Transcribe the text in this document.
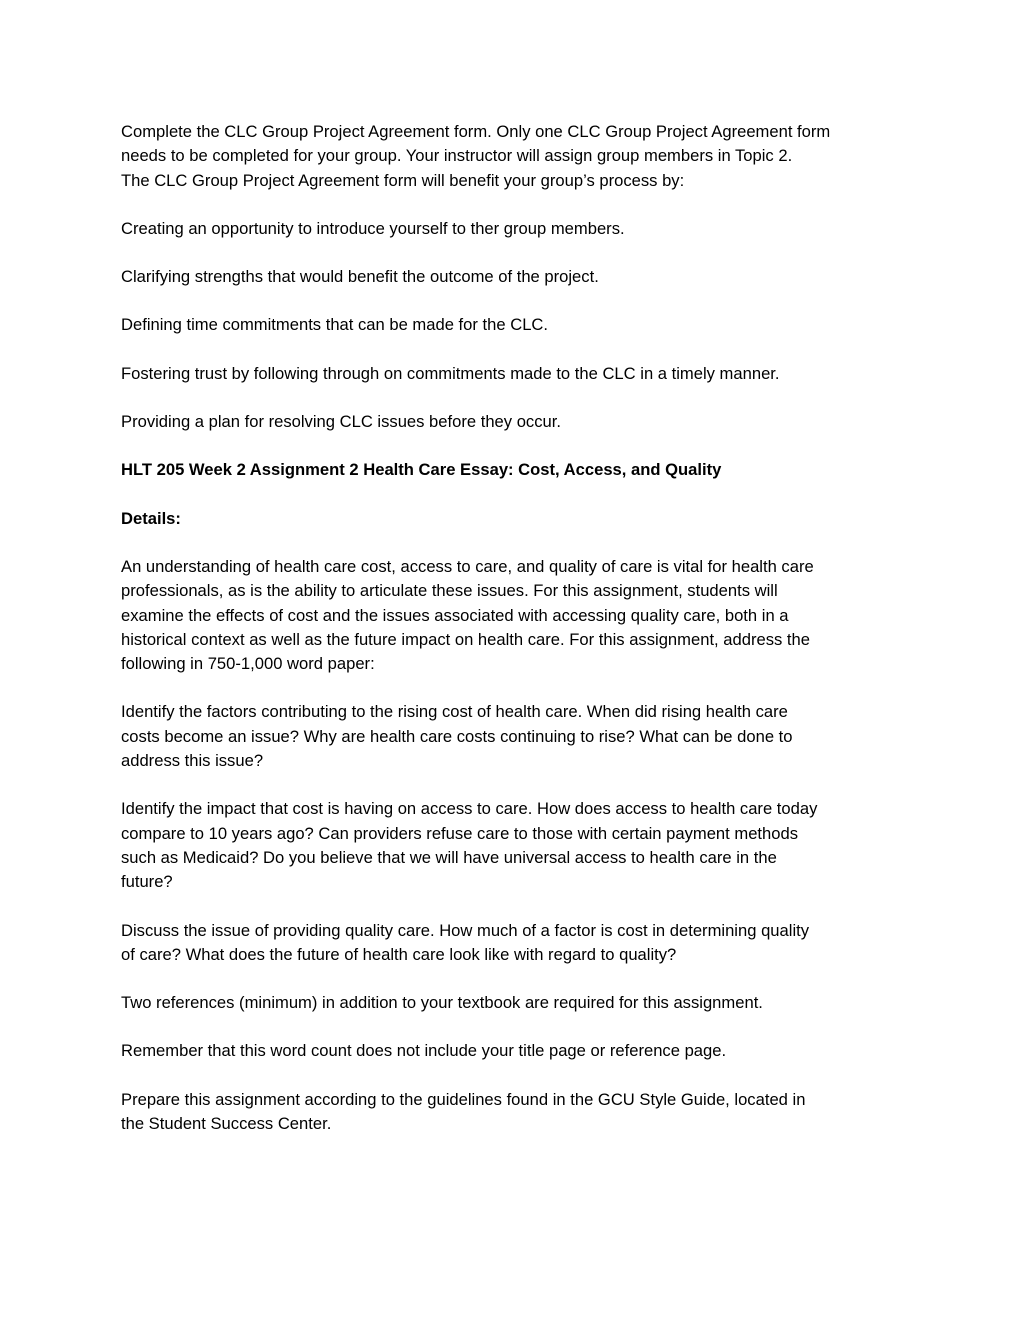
Complete the CLC Group Project Agreement form. Only one CLC Group Project Agreement form
needs to be completed for your group. Your instructor will assign group members in Topic 2.
The CLC Group Project Agreement form will benefit your group’s process by:

Creating an opportunity to introduce yourself to ther group members.

Clarifying strengths that would benefit the outcome of the project.

Defining time commitments that can be made for the CLC.

Fostering trust by following through on commitments made to the CLC in a timely manner.

Providing a plan for resolving CLC issues before they occur.

HLT 205 Week 2 Assignment 2 Health Care Essay: Cost, Access, and Quality

Details:

An understanding of health care cost, access to care, and quality of care is vital for health care
professionals, as is the ability to articulate these issues. For this assignment, students will
examine the effects of cost and the issues associated with accessing quality care, both in a
historical context as well as the future impact on health care. For this assignment, address the
following in 750-1,000 word paper:

Identify the factors contributing to the rising cost of health care. When did rising health care
costs become an issue? Why are health care costs continuing to rise? What can be done to
address this issue?

Identify the impact that cost is having on access to care. How does access to health care today
compare to 10 years ago? Can providers refuse care to those with certain payment methods
such as Medicaid? Do you believe that we will have universal access to health care in the
future?

Discuss the issue of providing quality care. How much of a factor is cost in determining quality
of care? What does the future of health care look like with regard to quality?

Two references (minimum) in addition to your textbook are required for this assignment.

Remember that this word count does not include your title page or reference page.

Prepare this assignment according to the guidelines found in the GCU Style Guide, located in
the Student Success Center.
